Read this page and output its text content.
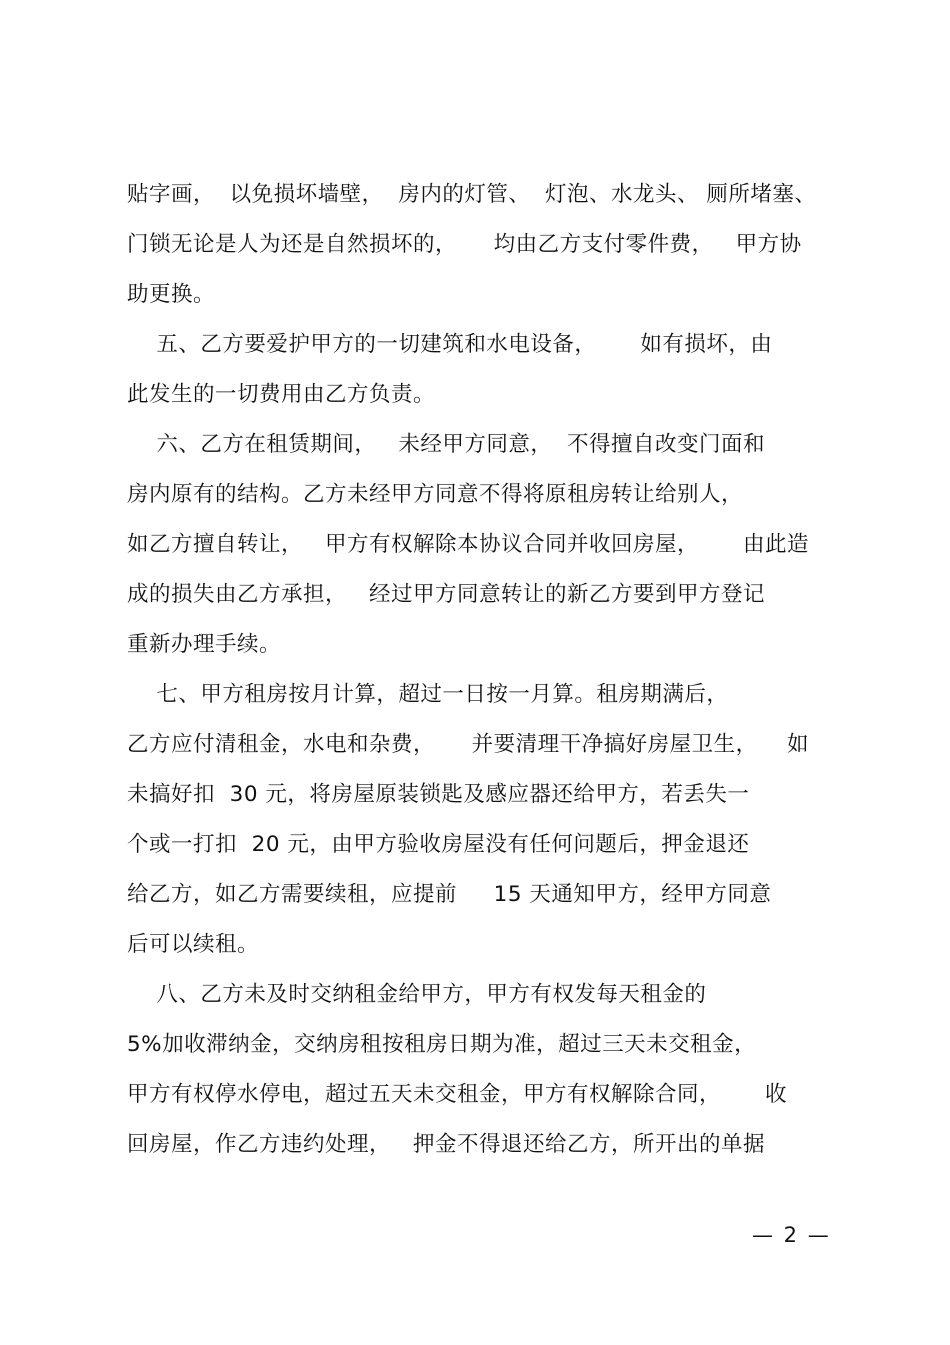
贴字画，  以免损坏墙壁，  房内的灯管、  灯泡、水龙头、 厕所堵塞、
门锁无论是人为还是自然损坏的，     均由乙方支付零件费，   甲方协
助更换。
五、乙方要爱护甲方的一切建筑和水电设备，      如有损坏，由
此发生的一切费用由乙方负责。
六、乙方在租赁期间，   未经甲方同意，  不得擅自改变门面和
房内原有的结构。乙方未经甲方同意不得将原租房转让给别人，
如乙方擅自转让，   甲方有权解除本协议合同并收回房屋，      由此造
成的损失由乙方承担，   经过甲方同意转让的新乙方要到甲方登记
重新办理手续。
七、甲方租房按月计算，超过一日按一月算。租房期满后，
乙方应付清租金，水电和杂费，     并要清理干净搞好房屋卫生，    如
未搞好扣  30 元，将房屋原装锁匙及感应器还给甲方，若丢失一
个或一打扣  20 元，由甲方验收房屋没有任何问题后，押金退还
给乙方，如乙方需要续租，应提前     15 天通知甲方，经甲方同意
后可以续租。
八、乙方未及时交纳租金给甲方，甲方有权发每天租金的
5%加收滞纳金，交纳房租按租房日期为准，超过三天未交租金，
甲方有权停水停电，超过五天未交租金，甲方有权解除合同，      收
回房屋，作乙方违约处理，   押金不得退还给乙方，所开出的单据
— 2 —
